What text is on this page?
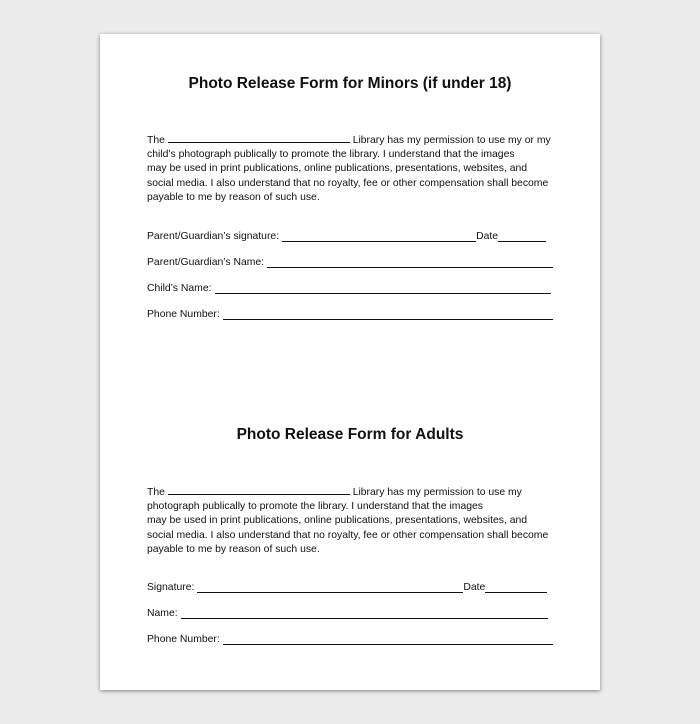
Photo Release Form for Minors (if under 18)
The	Library has my permission to use my or my
child’s photograph publically to promote the library. I understand that the images
may be used in print publications, online publications, presentations, websites, and
social media. I also understand that no royalty, fee or other compensation shall become
payable to me by reason of such use.
Parent/Guardian’s signature:	Date
Parent/Guardian’s Name:
Child’s Name:
Phone Number:
Photo Release Form for Adults
The	Library has my permission to use my
photograph publically to promote the library. I understand that the images
may be used in print publications, online publications, presentations, websites, and
social media. I also understand that no royalty, fee or other compensation shall become
payable to me by reason of such use.
Signature:	Date
Name:
Phone Number:
